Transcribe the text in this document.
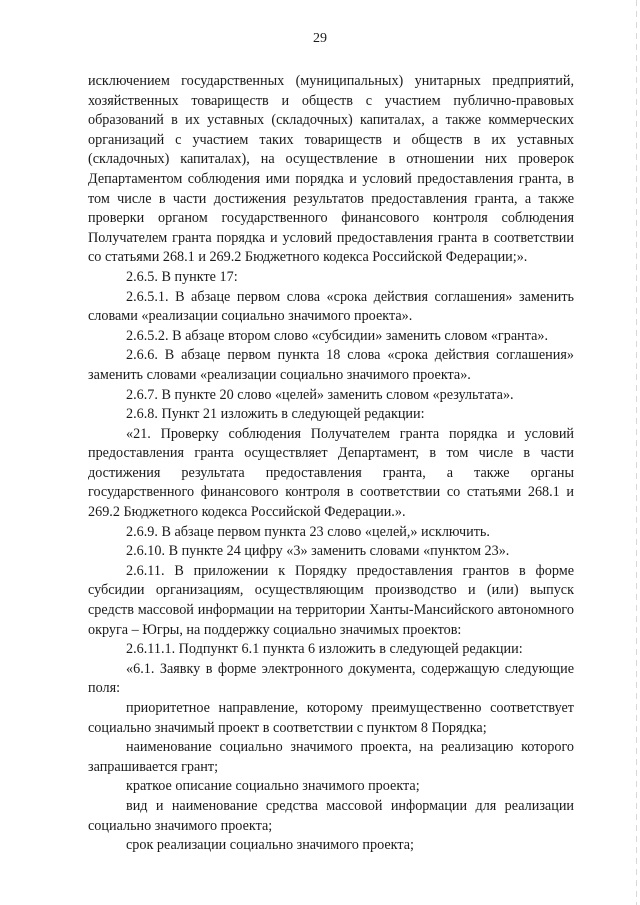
29

исключением государственных (муниципальных) унитарных предприятий, хозяйственных товариществ и обществ с участием публично-правовых образований в их уставных (складочных) капиталах, а также коммерческих организаций с участием таких товариществ и обществ в их уставных (складочных) капиталах), на осуществление в отношении них проверок Департаментом соблюдения ими порядка и условий предоставления гранта, в том числе в части достижения результатов предоставления гранта, а также проверки органом государственного финансового контроля соблюдения Получателем гранта порядка и условий предоставления гранта в соответствии со статьями 268.1 и 269.2 Бюджетного кодекса Российской Федерации;».

2.6.5. В пункте 17:

2.6.5.1. В абзаце первом слова «срока действия соглашения» заменить словами «реализации социально значимого проекта».

2.6.5.2. В абзаце втором слово «субсидии» заменить словом «гранта».

2.6.6. В абзаце первом пункта 18 слова «срока действия соглашения» заменить словами «реализации социально значимого проекта».

2.6.7. В пункте 20 слово «целей» заменить словом «результата».

2.6.8. Пункт 21 изложить в следующей редакции:

«21. Проверку соблюдения Получателем гранта порядка и условий предоставления гранта осуществляет Департамент, в том числе в части достижения результата предоставления гранта, а также органы государственного финансового контроля в соответствии со статьями 268.1 и 269.2 Бюджетного кодекса Российской Федерации.».

2.6.9. В абзаце первом пункта 23 слово «целей,» исключить.

2.6.10. В пункте 24 цифру «3» заменить словами «пунктом 23».

2.6.11. В приложении к Порядку предоставления грантов в форме субсидии организациям, осуществляющим производство и (или) выпуск средств массовой информации на территории Ханты-Мансийского автономного округа – Югры, на поддержку социально значимых проектов:

2.6.11.1. Подпункт 6.1 пункта 6 изложить в следующей редакции:

«6.1. Заявку в форме электронного документа, содержащую следующие поля:

приоритетное направление, которому преимущественно соответствует социально значимый проект в соответствии с пунктом 8 Порядка;

наименование социально значимого проекта, на реализацию которого запрашивается грант;

краткое описание социально значимого проекта;

вид и наименование средства массовой информации для реализации социально значимого проекта;

срок реализации социально значимого проекта;
